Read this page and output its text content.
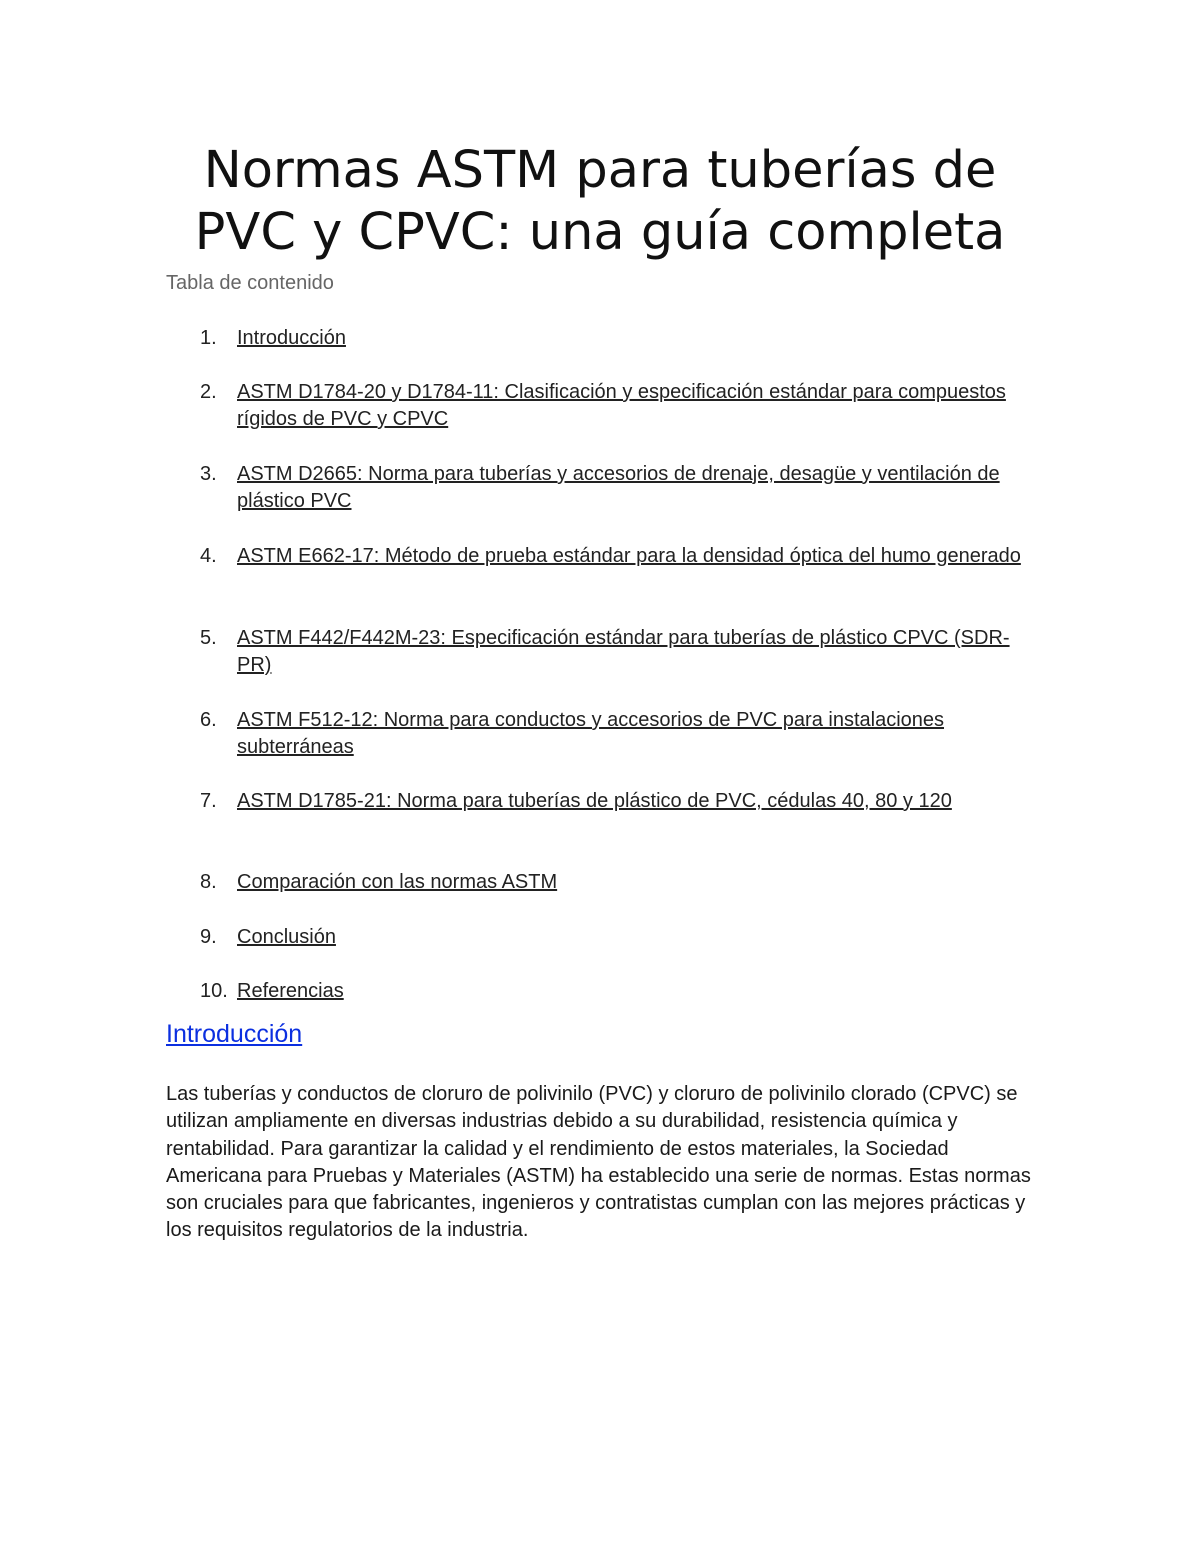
Normas ASTM para tuberías de PVC y CPVC: una guía completa
Tabla de contenido
1.	Introducción
2.	ASTM D1784-20 y D1784-11: Clasificación y especificación estándar para compuestos rígidos de PVC y CPVC
3.	ASTM D2665: Norma para tuberías y accesorios de drenaje, desagüe y ventilación de plástico PVC
4.	ASTM E662-17: Método de prueba estándar para la densidad óptica del humo generado
5.	ASTM F442/F442M-23: Especificación estándar para tuberías de plástico CPVC (SDR-PR)
6.	ASTM F512-12: Norma para conductos y accesorios de PVC para instalaciones subterráneas
7.	ASTM D1785-21: Norma para tuberías de plástico de PVC, cédulas 40, 80 y 120
8.	Comparación con las normas ASTM
9.	Conclusión
10. Referencias
Introducción

Las tuberías y conductos de cloruro de polivinilo (PVC) y cloruro de polivinilo clorado (CPVC) se utilizan ampliamente en diversas industrias debido a su durabilidad, resistencia química y rentabilidad. Para garantizar la calidad y el rendimiento de estos materiales, la Sociedad Americana para Pruebas y Materiales (ASTM) ha establecido una serie de normas. Estas normas son cruciales para que fabricantes, ingenieros y contratistas cumplan con las mejores prácticas y los requisitos regulatorios de la industria.
